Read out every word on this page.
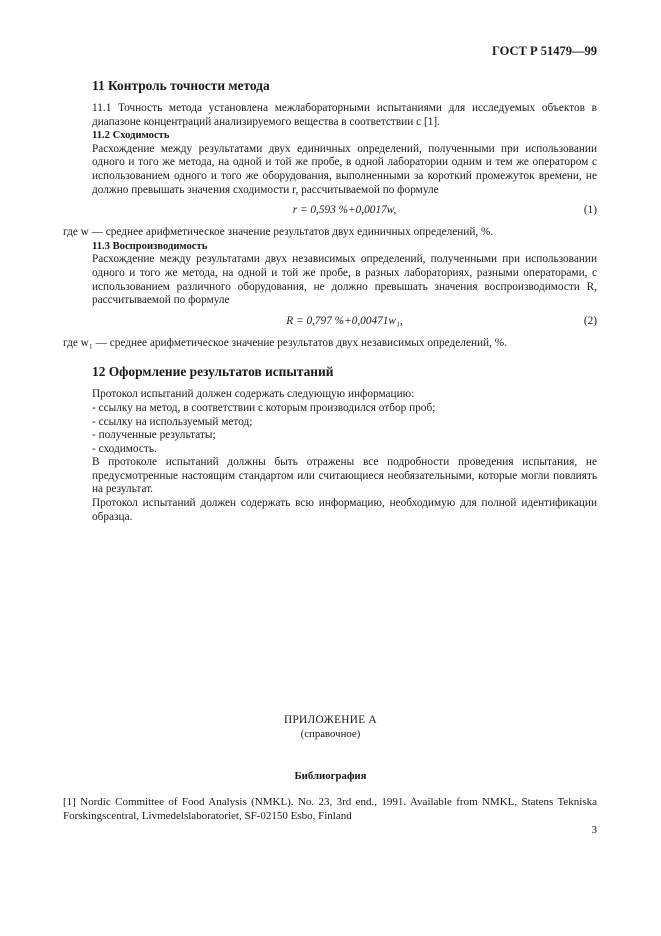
ГОСТ Р 51479—99
11 Контроль точности метода

11.1 Точность метода установлена межлабораторными испытаниями для исследуемых объектов в диапазоне концентраций анализируемого вещества в соответствии с [1].

11.2 Сходимость

Расхождение между результатами двух единичных определений, полученными при использовании одного и того же метода, на одной и той же пробе, в одной лаборатории одним и тем же оператором с использованием одного и того же оборудования, выполненными за короткий промежуток времени, не должно превышать значения сходимости r, рассчитываемой по формуле

r = 0,593 %+0,0017w,	(1)

где w — среднее арифметическое значение результатов двух единичных определений, %.

11.3 Воспроизводимость

Расхождение между результатами двух независимых определений, полученными при использовании одного и того же метода, на одной и той же пробе, в разных лабораториях, разными операторами, с использованием различного оборудования, не должно превышать значения воспроизводимости R, рассчитываемой по формуле

R = 0,797 %+0,00471w₁,	(2)

где w₁ — среднее арифметическое значение результатов двух независимых определений, %.

12 Оформление результатов испытаний

Протокол испытаний должен содержать следующую информацию:

- ссылку на метод, в соответствии с которым производился отбор проб;
- ссылку на используемый метод;
- полученные результаты;
- сходимость.

В протоколе испытаний должны быть отражены все подробности проведения испытания, не предусмотренные настоящим стандартом или считающиеся необязательными, которые могли повлиять на результат.

Протокол испытаний должен содержать всю информацию, необходимую для полной идентификации образца.

ПРИЛОЖЕНИЕ А
(справочное)
Библиография
[1] Nordic Committee of Food Analysis (NMKL). No. 23, 3rd end., 1991. Available from NMKL, Statens Tekniska Forskingscentral, Livmedelslaboratoriet, SF-02150 Esbo, Finland
3
